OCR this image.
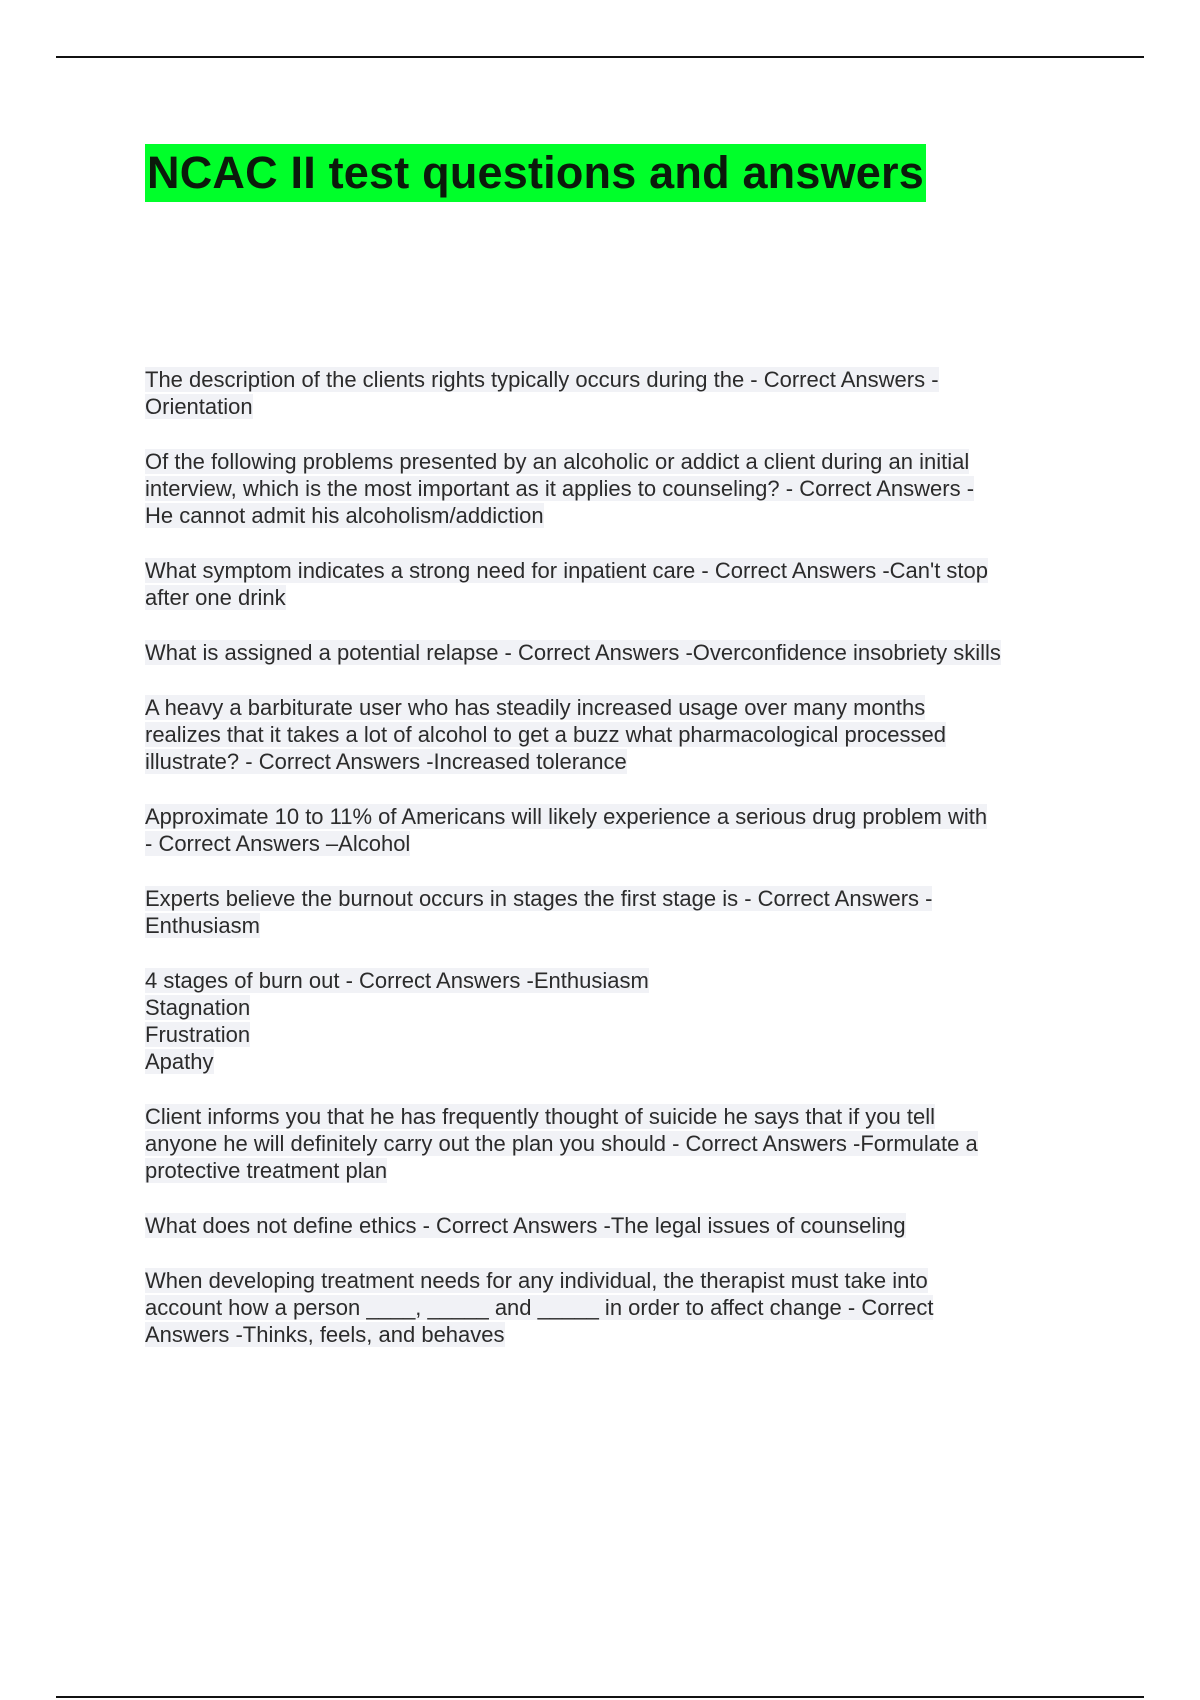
NCAC II test questions and answers
The description of the clients rights typically occurs during the - Correct Answers -
Orientation
Of the following problems presented by an alcoholic or addict a client during an initial
interview, which is the most important as it applies to counseling? - Correct Answers -
He cannot admit his alcoholism/addiction
What symptom indicates a strong need for inpatient care - Correct Answers -Can't stop
after one drink
What is assigned a potential relapse - Correct Answers -Overconfidence insobriety skills
A heavy a barbiturate user who has steadily increased usage over many months
realizes that it takes a lot of alcohol to get a buzz what pharmacological processed
illustrate? - Correct Answers -Increased tolerance
Approximate 10 to 11% of Americans will likely experience a serious drug problem with
- Correct Answers –Alcohol
Experts believe the burnout occurs in stages the first stage is - Correct Answers -
Enthusiasm
4 stages of burn out - Correct Answers -Enthusiasm
Stagnation
Frustration
Apathy
Client informs you that he has frequently thought of suicide he says that if you tell
anyone he will definitely carry out the plan you should - Correct Answers -Formulate a
protective treatment plan
What does not define ethics - Correct Answers -The legal issues of counseling
When developing treatment needs for any individual, the therapist must take into
account how a person ____, _____ and _____ in order to affect change - Correct
Answers -Thinks, feels, and behaves
